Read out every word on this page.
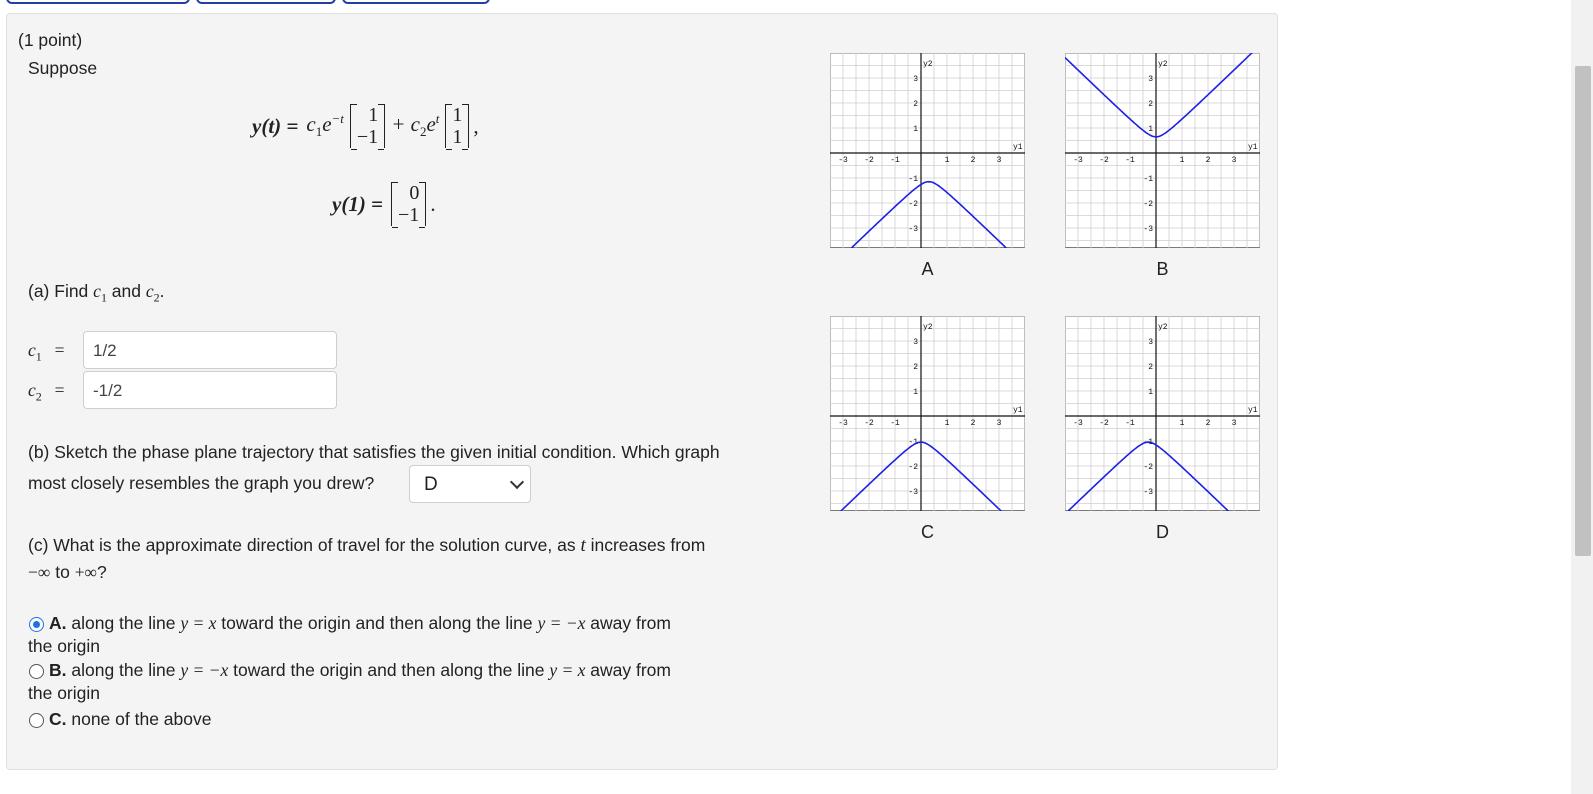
(1 point)
Suppose
$y(t) = c_1e^{-t}$	1
−1
+ $c_2e^t$ 1
1 ,
y(1) =	0
−1 .
(a) Find $c_1$ and $c_2$.
$c_1$ =	1/2
$c_2$ =	-1/2
(b) Sketch the phase plane trajectory that satisfies the given initial condition. Which graph
most closely resembles the graph you drew?	D
(c) What is the approximate direction of travel for the solution curve, as t increases from
−∞ to +∞?
A. along the line y = x toward the origin and then along the line y = −x away from
the origin
B. along the line y = −x toward the origin and then along the line y = x away from
the origin
C. none of the above
-3 -2 -1	1	2	3
3
2
1
-1
-2
-3
y2
y1
A
-3 -2 -1	1	2	3
3
2
1
-1
-2
-3
y2
y1
B
-3 -2 -1	1	2	3
3
2
1
-1
-2
-3
y2
y1
C
-3 -2 -1	1	2	3
3
2
1
-1
-2
-3
y2
y1
D
